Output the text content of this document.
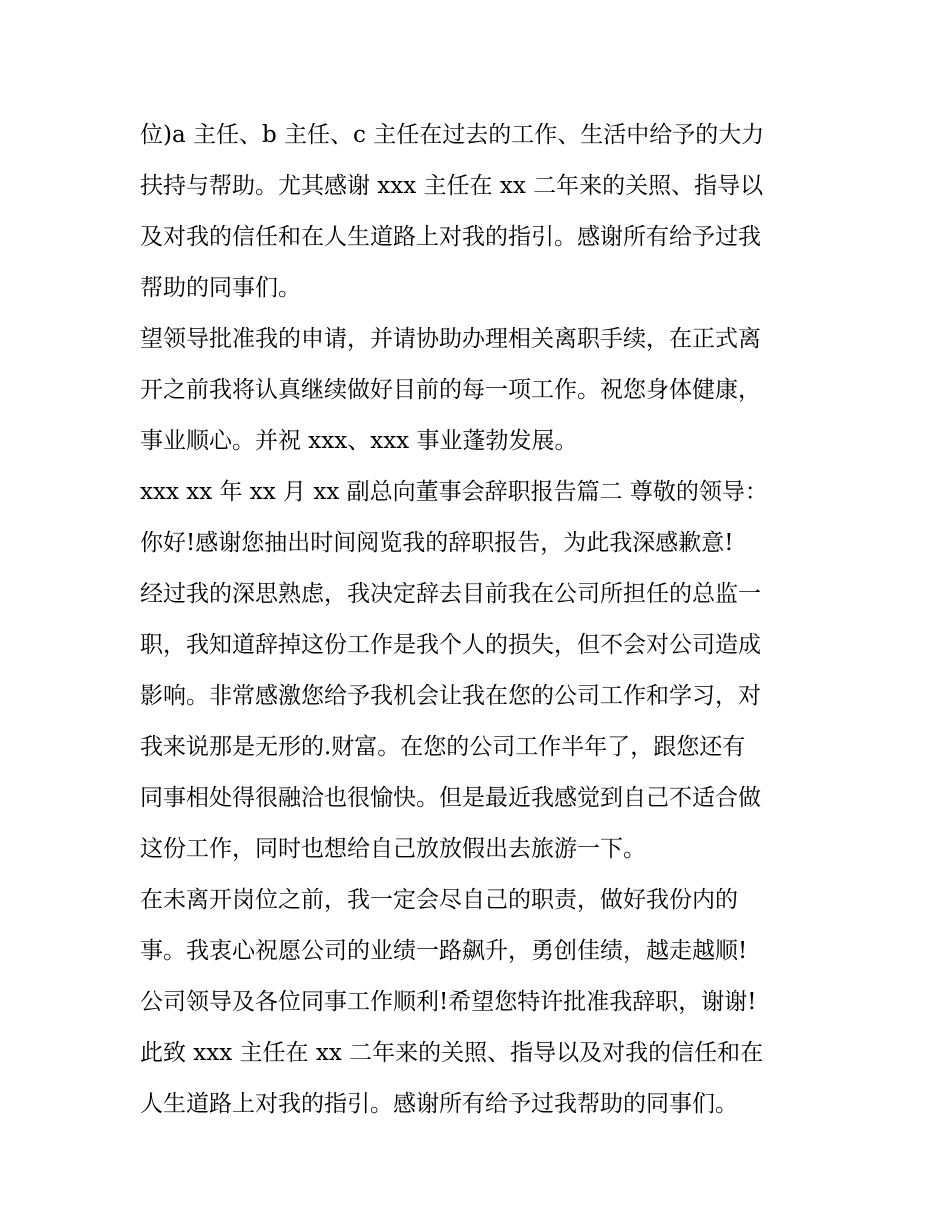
位)a 主任、b 主任、c 主任在过去的工作、生活中给予的大力
扶持与帮助。尤其感谢 xxx 主任在 xx 二年来的关照、指导以
及对我的信任和在人生道路上对我的指引。感谢所有给予过我
帮助的同事们。
望领导批准我的申请，并请协助办理相关离职手续，在正式离
开之前我将认真继续做好目前的每一项工作。祝您身体健康，
事业顺心。并祝 xxx、xxx 事业蓬勃发展。
xxx xx 年 xx 月 xx 副总向董事会辞职报告篇二 尊敬的领导：
你好!感谢您抽出时间阅览我的辞职报告，为此我深感歉意!
经过我的深思熟虑，我决定辞去目前我在公司所担任的总监一
职，我知道辞掉这份工作是我个人的损失，但不会对公司造成
影响。非常感激您给予我机会让我在您的公司工作和学习，对
我来说那是无形的.财富。在您的公司工作半年了，跟您还有
同事相处得很融洽也很愉快。但是最近我感觉到自己不适合做
这份工作，同时也想给自己放放假出去旅游一下。
在未离开岗位之前，我一定会尽自己的职责，做好我份内的
事。我衷心祝愿公司的业绩一路飙升，勇创佳绩，越走越顺!
公司领导及各位同事工作顺利!希望您特许批准我辞职，谢谢!
此致 xxx 主任在 xx 二年来的关照、指导以及对我的信任和在
人生道路上对我的指引。感谢所有给予过我帮助的同事们。
